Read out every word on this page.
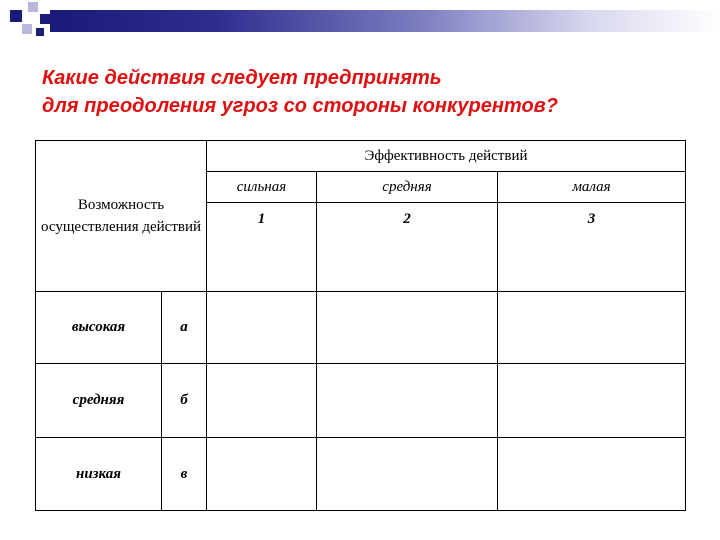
Какие действия следует предпринять
для преодоления угроз со стороны конкурентов?
Возможность осуществления действий		Эффективность действий		
		сильная	средняя	малая
		1	2	3
высокая	а			
средняя	б			
низкая	в			
